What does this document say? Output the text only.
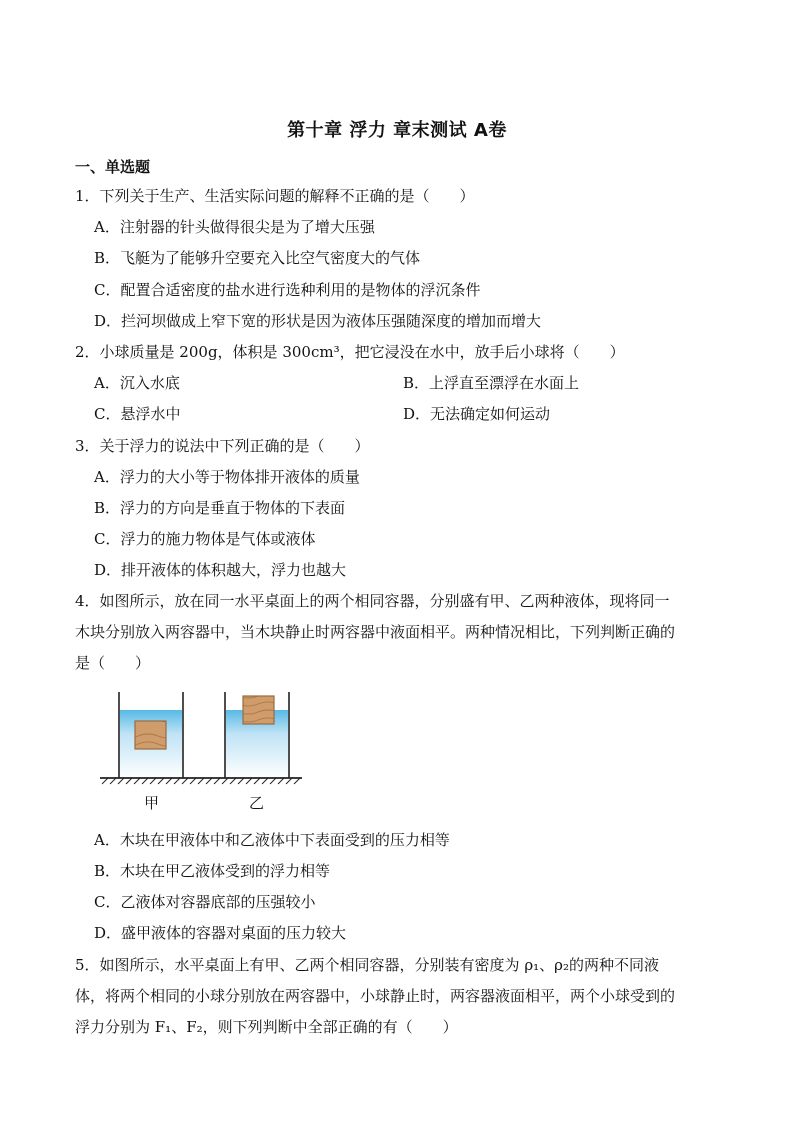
第十章 浮力 章末测试 A卷
一、单选题
1．下列关于生产、生活实际问题的解释不正确的是（　　）
A．注射器的针头做得很尖是为了增大压强
B．飞艇为了能够升空要充入比空气密度大的气体
C．配置合适密度的盐水进行选种利用的是物体的浮沉条件
D．拦河坝做成上窄下宽的形状是因为液体压强随深度的增加而增大
2．小球质量是 200g，体积是 300cm³，把它浸没在水中，放手后小球将（　　）
A．沉入水底	B．上浮直至漂浮在水面上
C．悬浮水中	D．无法确定如何运动
3．关于浮力的说法中下列正确的是（　　）
A．浮力的大小等于物体排开液体的质量
B．浮力的方向是垂直于物体的下表面
C．浮力的施力物体是气体或液体
D．排开液体的体积越大，浮力也越大
4．如图所示，放在同一水平桌面上的两个相同容器，分别盛有甲、乙两种液体，现将同一
木块分别放入两容器中，当木块静止时两容器中液面相平。两种情况相比，下列判断正确的
是（　　）
甲	乙
A．木块在甲液体中和乙液体中下表面受到的压力相等
B．木块在甲乙液体受到的浮力相等
C．乙液体对容器底部的压强较小
D．盛甲液体的容器对桌面的压力较大
5．如图所示，水平桌面上有甲、乙两个相同容器，分别装有密度为 ρ₁、ρ₂的两种不同液
体，将两个相同的小球分别放在两容器中，小球静止时，两容器液面相平，两个小球受到的
浮力分别为 F₁、F₂，则下列判断中全部正确的有（　　）
